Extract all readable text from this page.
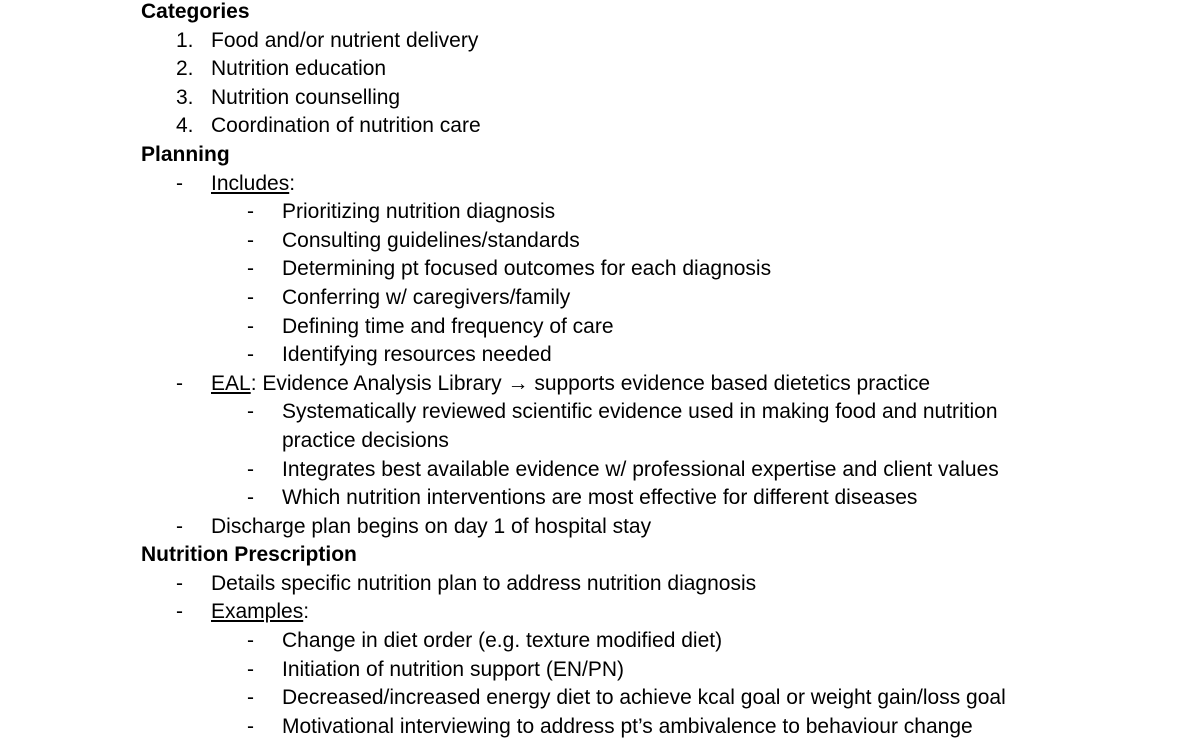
Categories
1. Food and/or nutrient delivery
2. Nutrition education
3. Nutrition counselling
4. Coordination of nutrition care
Planning
- Includes:
- Prioritizing nutrition diagnosis
- Consulting guidelines/standards
- Determining pt focused outcomes for each diagnosis
- Conferring w/ caregivers/family
- Defining time and frequency of care
- Identifying resources needed
- EAL: Evidence Analysis Library → supports evidence based dietetics practice
- Systematically reviewed scientific evidence used in making food and nutrition practice decisions
- Integrates best available evidence w/ professional expertise and client values
- Which nutrition interventions are most effective for different diseases
- Discharge plan begins on day 1 of hospital stay
Nutrition Prescription
- Details specific nutrition plan to address nutrition diagnosis
- Examples:
- Change in diet order (e.g. texture modified diet)
- Initiation of nutrition support (EN/PN)
- Decreased/increased energy diet to achieve kcal goal or weight gain/loss goal
- Motivational interviewing to address pt’s ambivalence to behaviour change
